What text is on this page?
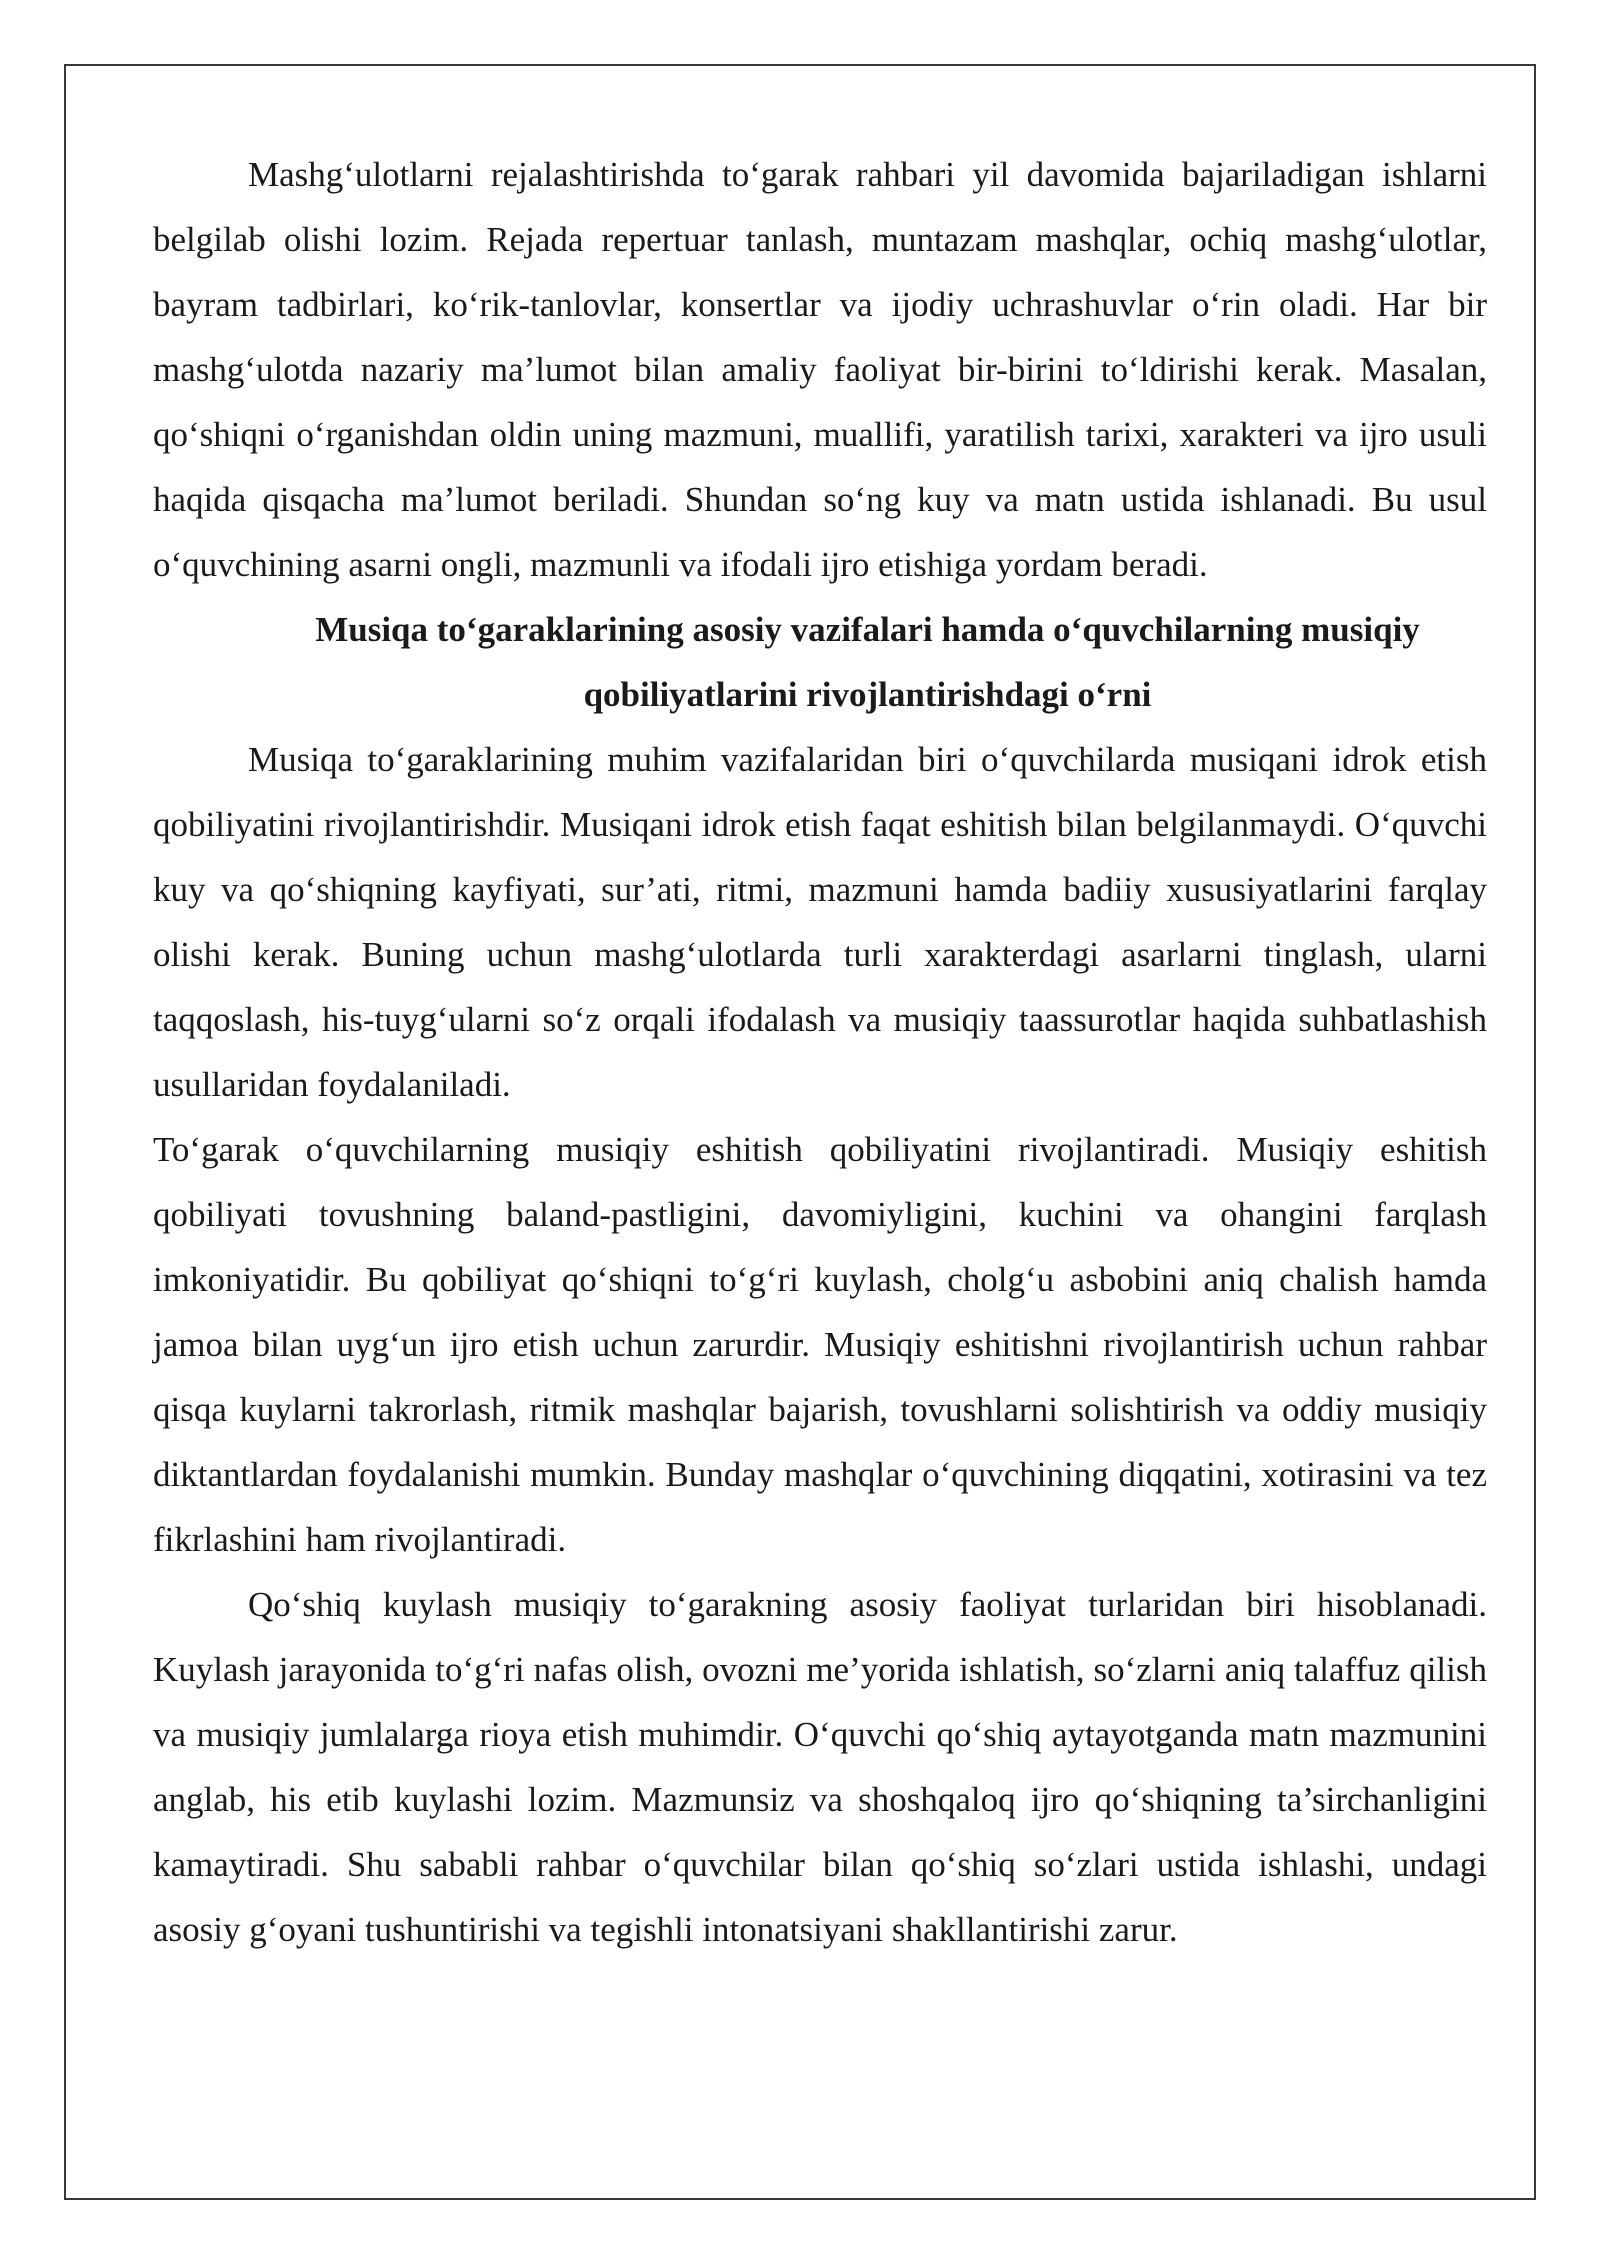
Mashg‘ulotlarni rejalashtirishda to‘garak rahbari yil davomida bajariladigan ishlarni belgilab olishi lozim. Rejada repertuar tanlash, muntazam mashqlar, ochiq mashg‘ulotlar, bayram tadbirlari, ko‘rik-tanlovlar, konsertlar va ijodiy uchrashuvlar o‘rin oladi. Har bir mashg‘ulotda nazariy ma’lumot bilan amaliy faoliyat bir-birini to‘ldirishi kerak. Masalan, qo‘shiqni o‘rganishdan oldin uning mazmuni, muallifi, yaratilish tarixi, xarakteri va ijro usuli haqida qisqacha ma’lumot beriladi. Shundan so‘ng kuy va matn ustida ishlanadi. Bu usul o‘quvchining asarni ongli, mazmunli va ifodali ijro etishiga yordam beradi.

Musiqa to‘garaklarining asosiy vazifalari hamda o‘quvchilarning musiqiy qobiliyatlarini rivojlantirishdagi o‘rni

Musiqa to‘garaklarining muhim vazifalaridan biri o‘quvchilarda musiqani idrok etish qobiliyatini rivojlantirishdir. Musiqani idrok etish faqat eshitish bilan belgilanmaydi. O‘quvchi kuy va qo‘shiqning kayfiyati, sur’ati, ritmi, mazmuni hamda badiiy xususiyatlarini farqlay olishi kerak. Buning uchun mashg‘ulotlarda turli xarakterdagi asarlarni tinglash, ularni taqqoslash, his-tuyg‘ularni so‘z orqali ifodalash va musiqiy taassurotlar haqida suhbatlashish usullaridan foydalaniladi.

To‘garak o‘quvchilarning musiqiy eshitish qobiliyatini rivojlantiradi. Musiqiy eshitish qobiliyati tovushning baland-pastligini, davomiyligini, kuchini va ohangini farqlash imkoniyatidir. Bu qobiliyat qo‘shiqni to‘g‘ri kuylash, cholg‘u asbobini aniq chalish hamda jamoa bilan uyg‘un ijro etish uchun zarurdir. Musiqiy eshitishni rivojlantirish uchun rahbar qisqa kuylarni takrorlash, ritmik mashqlar bajarish, tovushlarni solishtirish va oddiy musiqiy diktantlardan foydalanishi mumkin. Bunday mashqlar o‘quvchining diqqatini, xotirasini va tez fikrlashini ham rivojlantiradi.

Qo‘shiq kuylash musiqiy to‘garakning asosiy faoliyat turlaridan biri hisoblanadi. Kuylash jarayonida to‘g‘ri nafas olish, ovozni me’yorida ishlatish, so‘zlarni aniq talaffuz qilish va musiqiy jumlalarga rioya etish muhimdir. O‘quvchi qo‘shiq aytayotganda matn mazmunini anglab, his etib kuylashi lozim. Mazmunsiz va shoshqaloq ijro qo‘shiqning ta’sirchanligini kamaytiradi. Shu sababli rahbar o‘quvchilar bilan qo‘shiq so‘zlari ustida ishlashi, undagi asosiy g‘oyani tushuntirishi va tegishli intonatsiyani shakllantirishi zarur.
